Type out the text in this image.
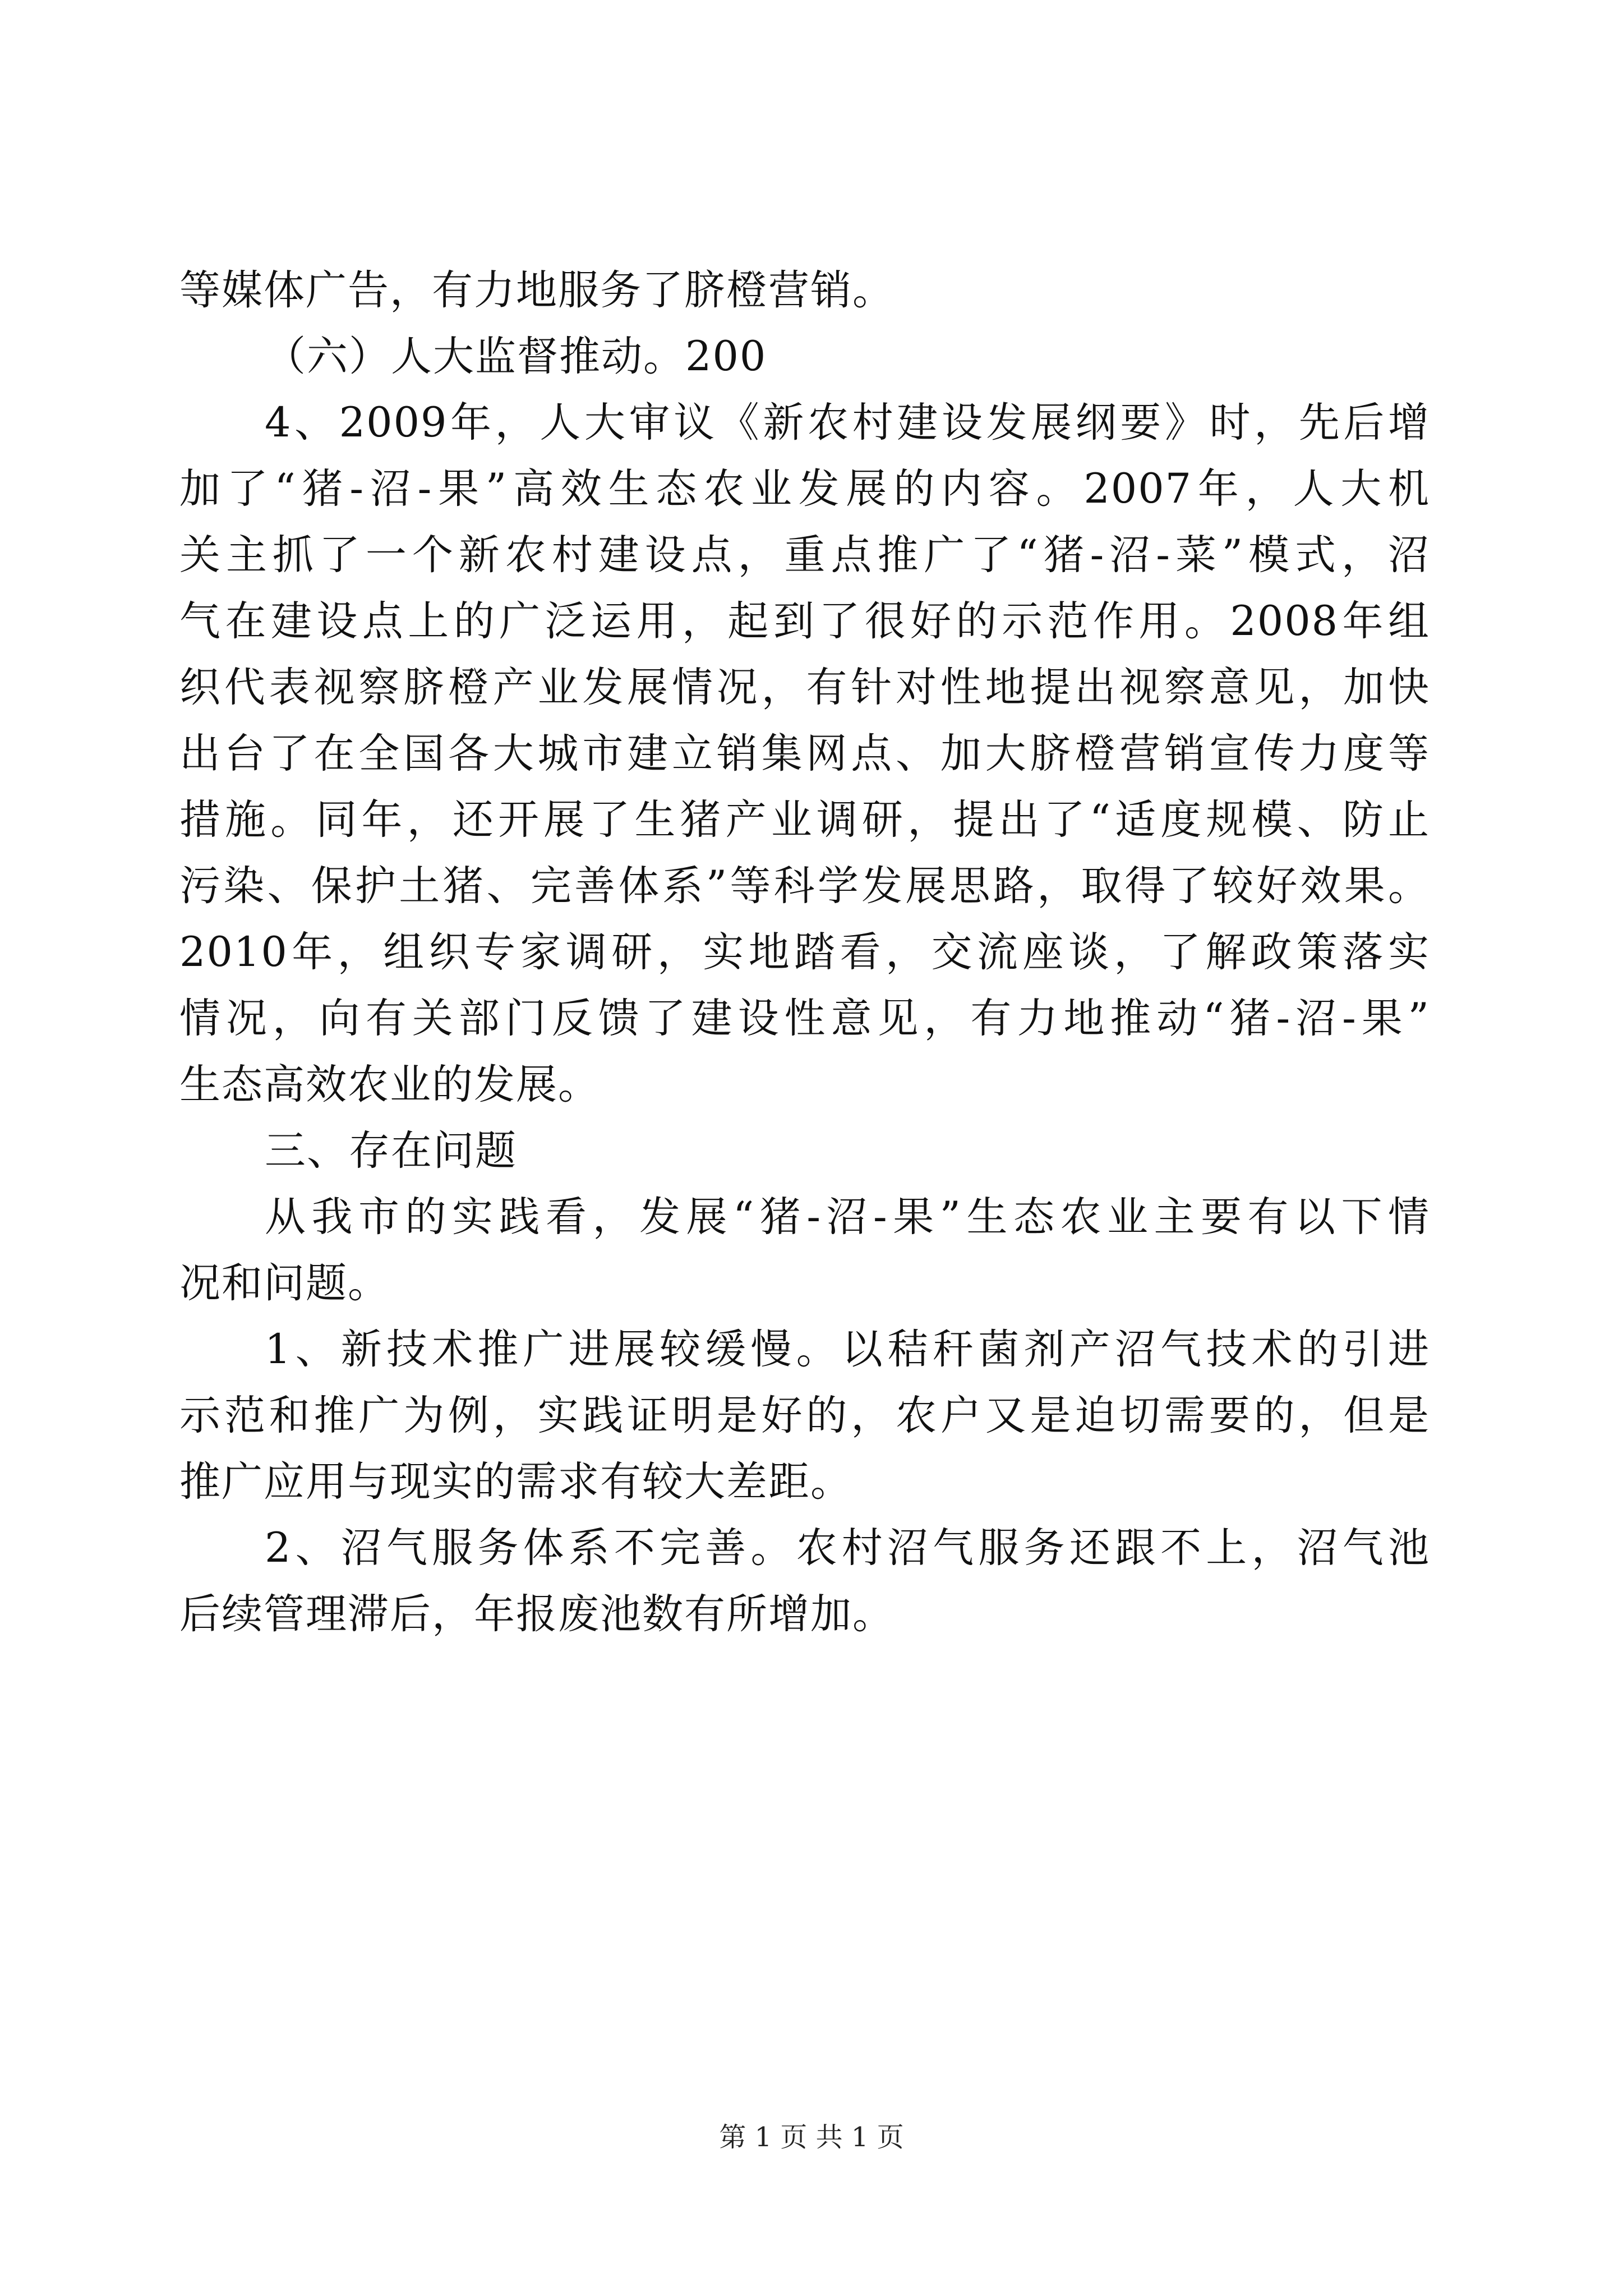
等媒体广告，有力地服务了脐橙营销。
（六）人大监督推动。200
4、2009年，人大审议《新农村建设发展纲要》时，先后增
加了“猪-沼-果”高效生态农业发展的内容。2007年，人大机
关主抓了一个新农村建设点，重点推广了“猪-沼-菜”模式，沼
气在建设点上的广泛运用，起到了很好的示范作用。2008年组
织代表视察脐橙产业发展情况，有针对性地提出视察意见，加快
出台了在全国各大城市建立销集网点、加大脐橙营销宣传力度等
措施。同年，还开展了生猪产业调研，提出了“适度规模、防止
污染、保护土猪、完善体系”等科学发展思路，取得了较好效果。
2010年，组织专家调研，实地踏看，交流座谈，了解政策落实
情况，向有关部门反馈了建设性意见，有力地推动“猪-沼-果”
生态高效农业的发展。
三、存在问题
从我市的实践看，发展“猪-沼-果”生态农业主要有以下情
况和问题。
1、新技术推广进展较缓慢。以秸秆菌剂产沼气技术的引进
示范和推广为例，实践证明是好的，农户又是迫切需要的，但是
推广应用与现实的需求有较大差距。
2、沼气服务体系不完善。农村沼气服务还跟不上，沼气池
后续管理滞后，年报废池数有所增加。
第 1 页 共 1 页
